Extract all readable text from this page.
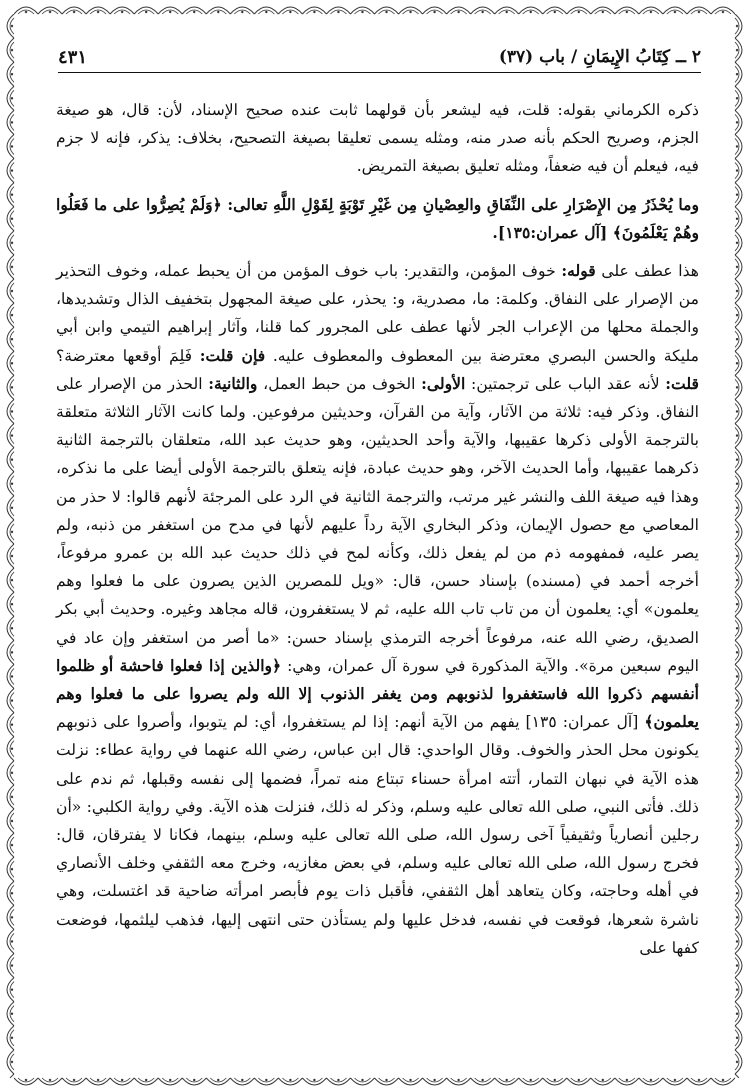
٢ ــ كِتَابُ الإِيمَانِ / باب (٣٧)
٤٣١

ذكره الكرماني بقوله: قلت، فيه ليشعر بأن قولهما ثابت عنده صحيح الإسناد، لأن: قال، هو صيغة الجزم، وصريح الحكم بأنه صدر منه، ومثله يسمى تعليقا بصيغة التصحيح، بخلاف: يذكر، فإنه لا جزم فيه، فيعلم أن فيه ضعفاً، ومثله تعليق بصيغة التمريض.

وما يُحْذَرُ مِن الإِصْرَارِ على النِّفَاقِ والعِصْيانِ مِن غَيْرِ تَوْبَةٍ لِقَوْلِ اللَّهِ تعالى: ﴿وَلَمْ يُصِرُّوا على ما فَعَلُوا وهُمْ يَعْلَمُونَ﴾ [آل عمران:١٣٥].

هذا عطف على قوله: خوف المؤمن، والتقدير: باب خوف المؤمن من أن يحبط عمله، وخوف التحذير من الإصرار على النفاق. وكلمة: ما، مصدرية، و: يحذر، على صيغة المجهول بتخفيف الذال وتشديدها، والجملة محلها من الإعراب الجر لأنها عطف على المجرور كما قلنا، وآثار إبراهيم التيمي وابن أبي مليكة والحسن البصري معترضة بين المعطوف والمعطوف عليه. فإن قلت: فَلِمَ أوقعها معترضة؟ قلت: لأنه عقد الباب على ترجمتين: الأولى: الخوف من حبط العمل، والثانية: الحذر من الإصرار على النفاق. وذكر فيه: ثلاثة من الآثار، وآية من القرآن، وحديثين مرفوعين. ولما كانت الآثار الثلاثة متعلقة بالترجمة الأولى ذكرها عقيبها، والآية وأحد الحديثين، وهو حديث عبد الله، متعلقان بالترجمة الثانية ذكرهما عقيبها، وأما الحديث الآخر، وهو حديث عبادة، فإنه يتعلق بالترجمة الأولى أيضا على ما نذكره، وهذا فيه صيغة اللف والنشر غير مرتب، والترجمة الثانية في الرد على المرجئة لأنهم قالوا: لا حذر من المعاصي مع حصول الإيمان، وذكر البخاري الآية رداً عليهم لأنها في مدح من استغفر من ذنبه، ولم يصر عليه، فمفهومه ذم من لم يفعل ذلك، وكأنه لمح في ذلك حديث عبد الله بن عمرو مرفوعاً، أخرجه أحمد في (مسنده) بإسناد حسن، قال: «ويل للمصرين الذين يصرون على ما فعلوا وهم يعلمون» أي: يعلمون أن من تاب تاب الله عليه، ثم لا يستغفرون، قاله مجاهد وغيره. وحديث أبي بكر الصديق، رضي الله عنه، مرفوعاً أخرجه الترمذي بإسناد حسن: «ما أصر من استغفر وإن عاد في اليوم سبعين مرة». والآية المذكورة في سورة آل عمران، وهي: ﴿والذين إذا فعلوا فاحشة أو ظلموا أنفسهم ذكروا الله فاستغفروا لذنوبهم ومن يغفر الذنوب إلا الله ولم يصروا على ما فعلوا وهم يعلمون﴾ [آل عمران: ١٣٥] يفهم من الآية أنهم: إذا لم يستغفروا، أي: لم يتوبوا، وأصروا على ذنوبهم يكونون محل الحذر والخوف. وقال الواحدي: قال ابن عباس، رضي الله عنهما في رواية عطاء: نزلت هذه الآية في نبهان التمار، أتته امرأة حسناء تبتاع منه تمراً، فضمها إلى نفسه وقبلها، ثم ندم على ذلك. فأتى النبي، صلى الله تعالى عليه وسلم، وذكر له ذلك، فنزلت هذه الآية. وفي رواية الكلبي: «أن رجلين أنصارياً وثقيفياً آخى رسول الله، صلى الله تعالى عليه وسلم، بينهما، فكانا لا يفترقان، قال: فخرج رسول الله، صلى الله تعالى عليه وسلم، في بعض مغازيه، وخرج معه الثقفي وخلف الأنصاري في أهله وحاجته، وكان يتعاهد أهل الثقفي، فأقبل ذات يوم فأبصر امرأته ضاحية قد اغتسلت، وهي ناشرة شعرها، فوقعت في نفسه، فدخل عليها ولم يستأذن حتى انتهى إليها، فذهب ليلثمها، فوضعت كفها على
